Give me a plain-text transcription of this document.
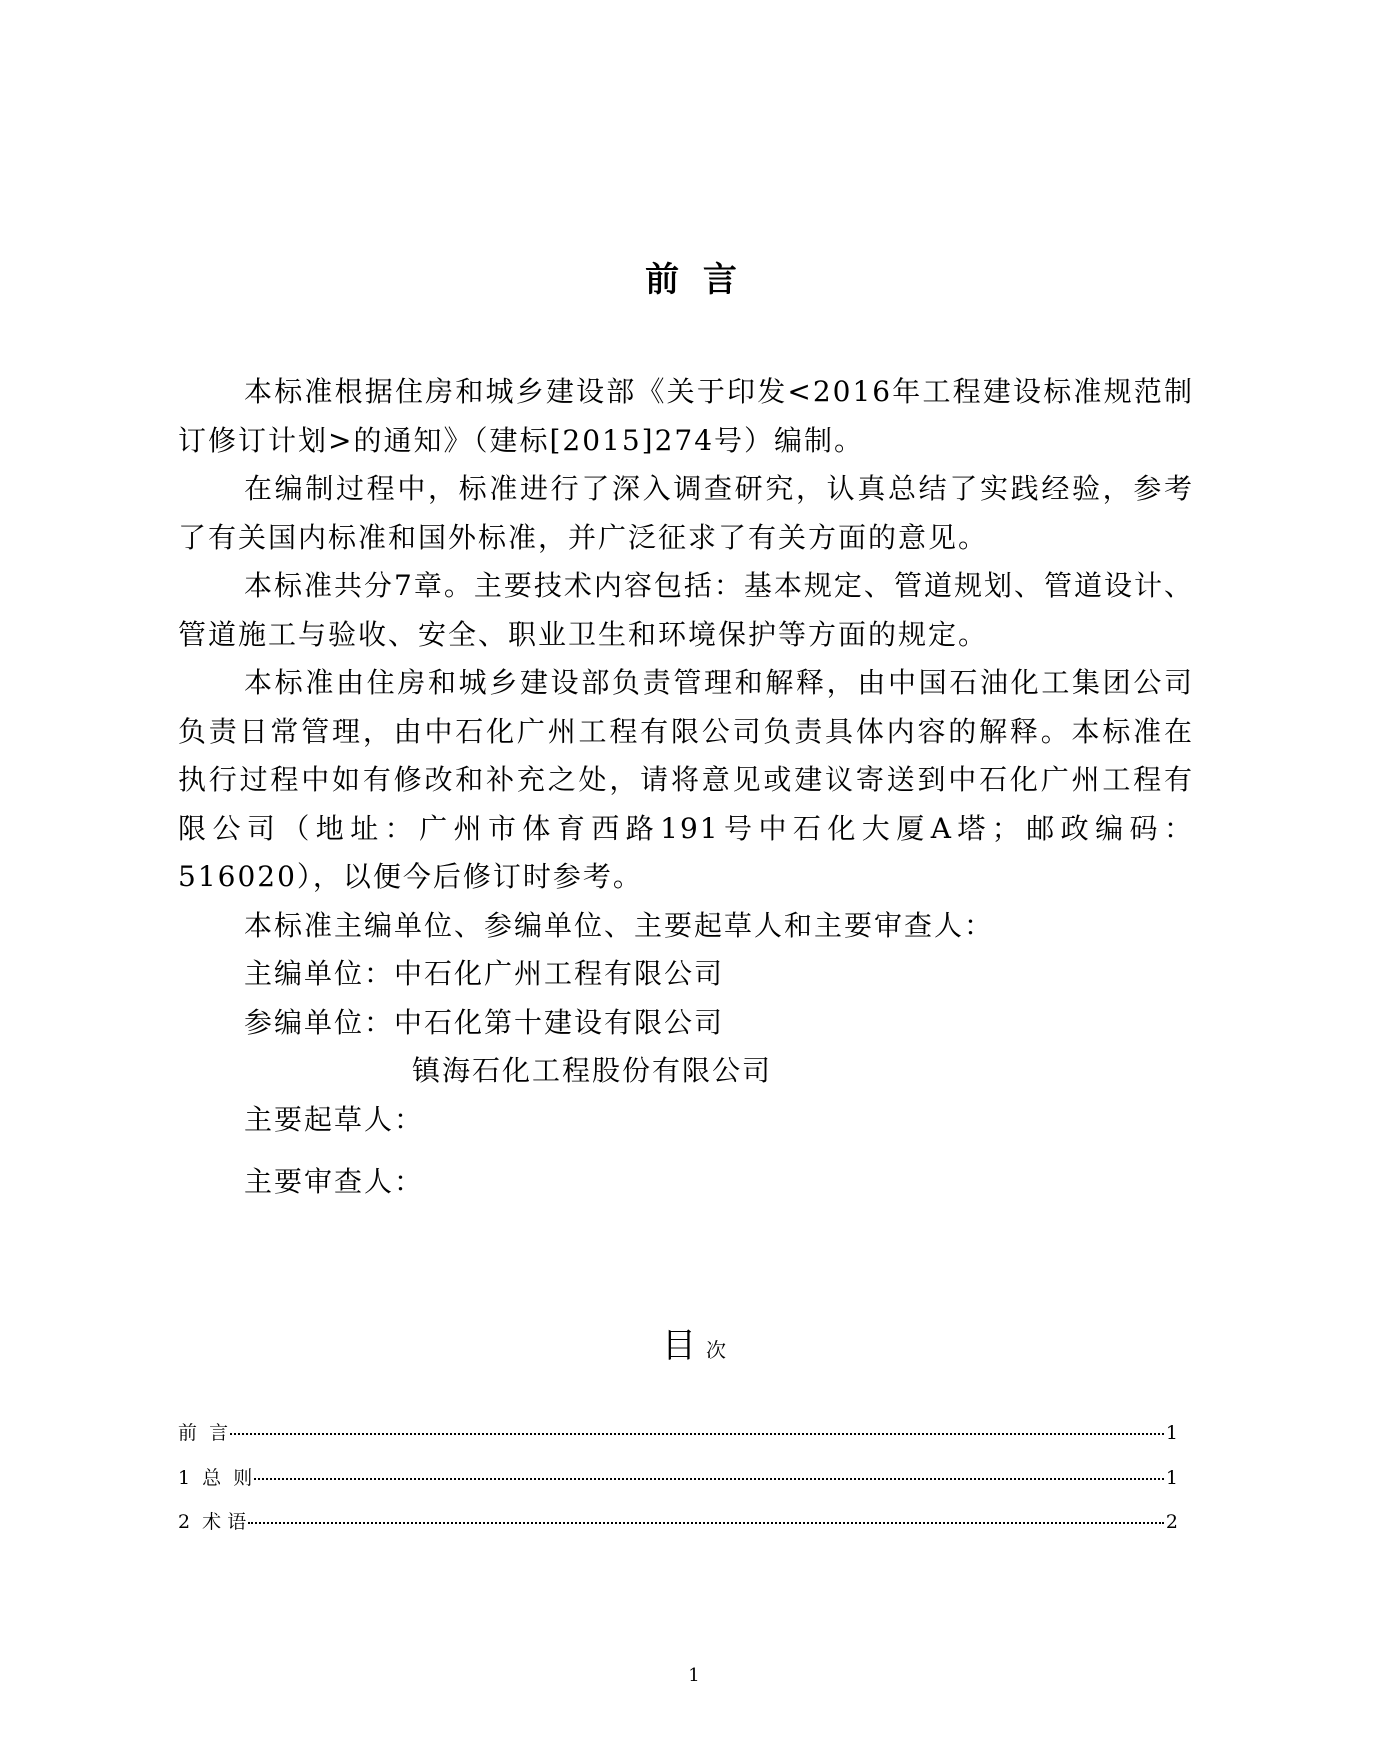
前 言

本标准根据住房和城乡建设部《关于印发<2016年工程建设标准规范制订修订计划>的通知》（建标[2015]274号）编制。

在编制过程中，标准进行了深入调查研究，认真总结了实践经验，参考了有关国内标准和国外标准，并广泛征求了有关方面的意见。

本标准共分7章。主要技术内容包括：基本规定、管道规划、管道设计、管道施工与验收、安全、职业卫生和环境保护等方面的规定。

本标准由住房和城乡建设部负责管理和解释，由中国石油化工集团公司负责日常管理，由中石化广州工程有限公司负责具体内容的解释。本标准在执行过程中如有修改和补充之处，请将意见或建议寄送到中石化广州工程有限公司（地址：广州市体育西路191号中石化大厦A塔；邮政编码：516020），以便今后修订时参考。

本标准主编单位、参编单位、主要起草人和主要审查人：

主编单位：中石化广州工程有限公司

参编单位：中石化第十建设有限公司

镇海石化工程股份有限公司

主要起草人：

主要审查人：

目次
前  言	1
1  总  则	1
2  术 语	2
1
